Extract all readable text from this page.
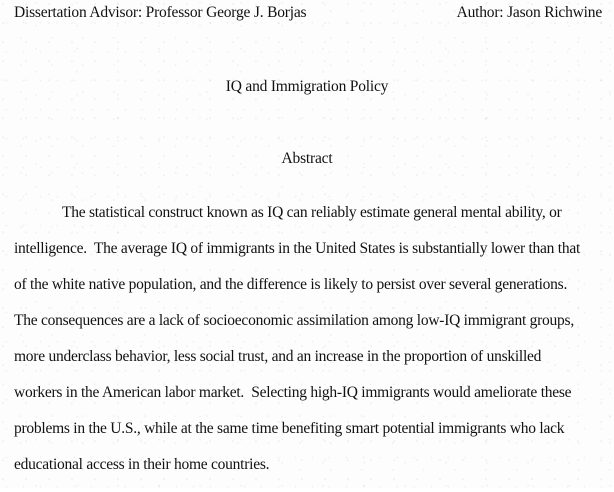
Dissertation Advisor: Professor George J. Borjas	Author: Jason Richwine
IQ and Immigration Policy
Abstract
The statistical construct known as IQ can reliably estimate general mental ability, or
intelligence.  The average IQ of immigrants in the United States is substantially lower than that
of the white native population, and the difference is likely to persist over several generations.
The consequences are a lack of socioeconomic assimilation among low-IQ immigrant groups,
more underclass behavior, less social trust, and an increase in the proportion of unskilled
workers in the American labor market.  Selecting high-IQ immigrants would ameliorate these
problems in the U.S., while at the same time benefiting smart potential immigrants who lack
educational access in their home countries.
